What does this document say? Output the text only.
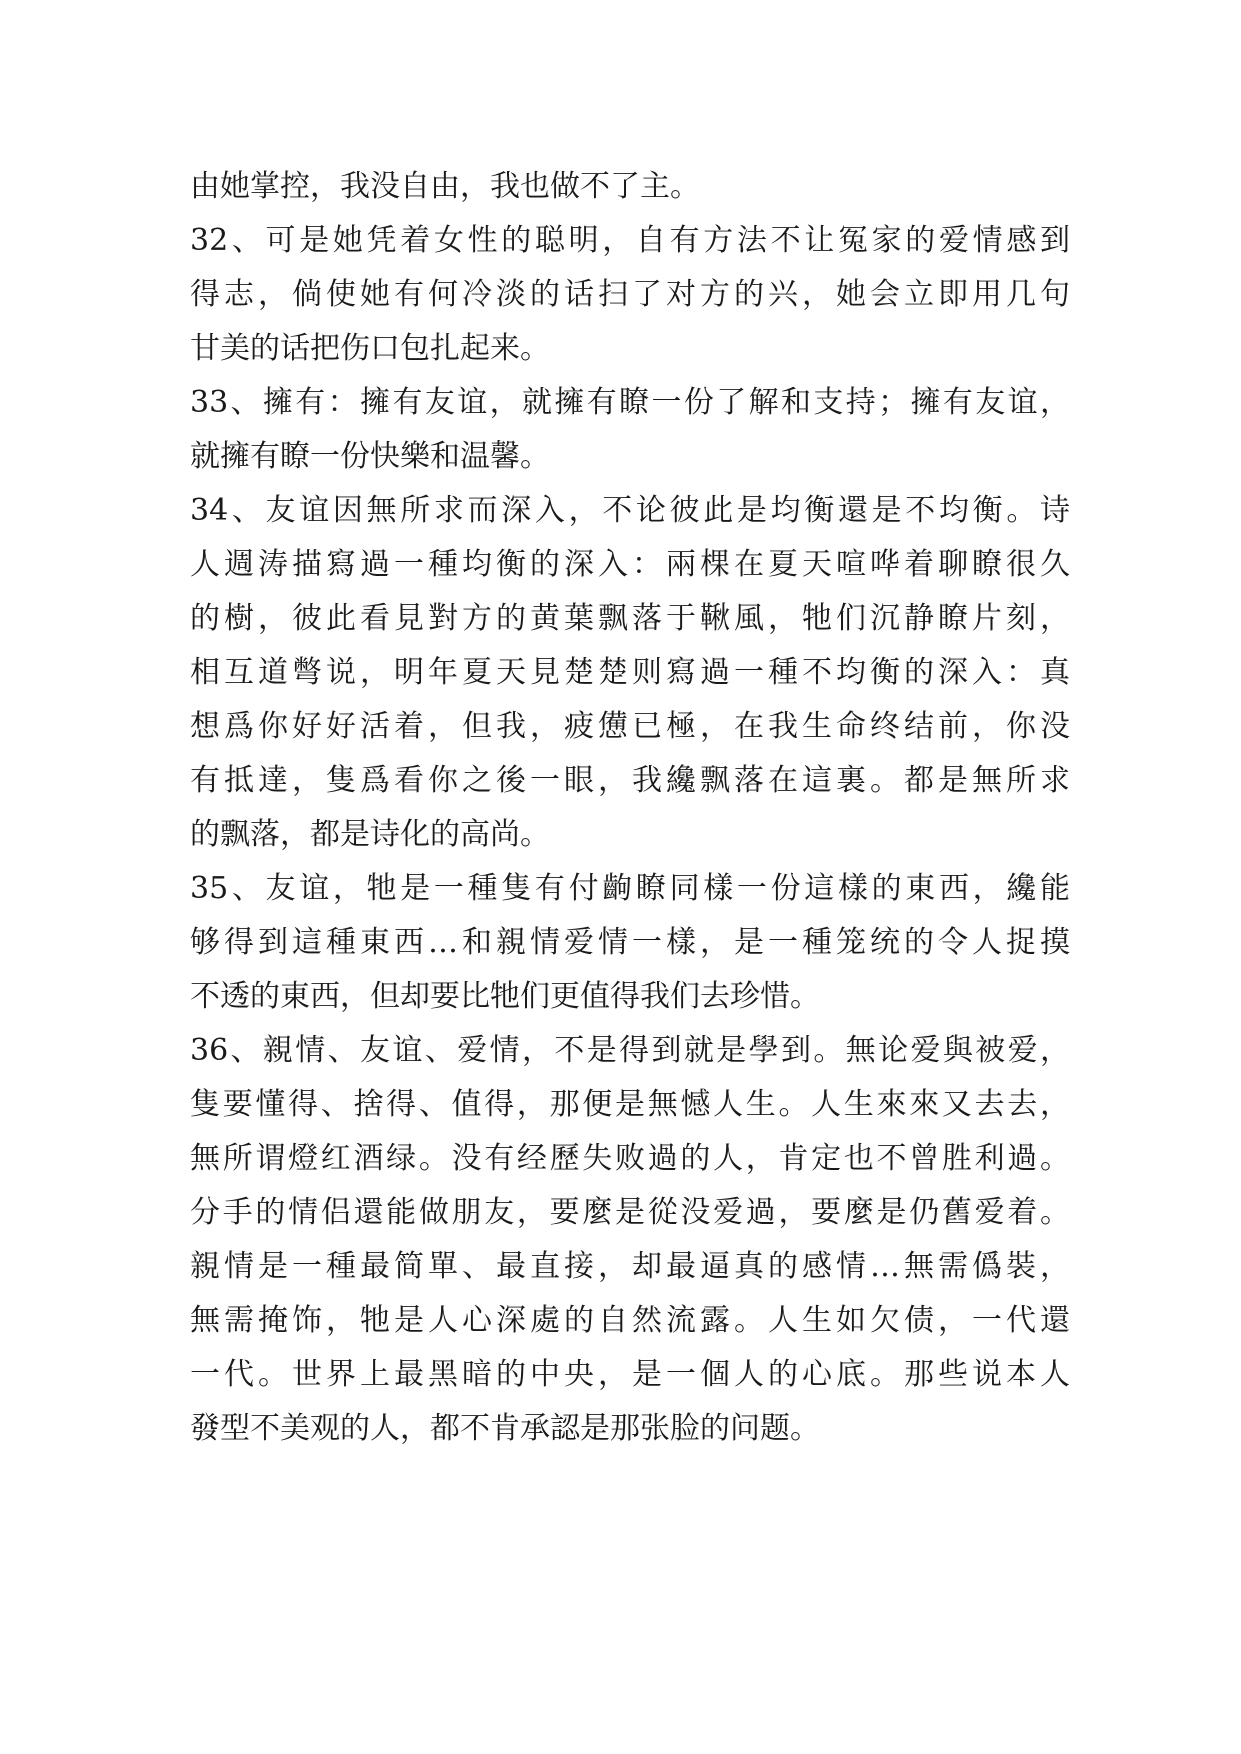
由她掌控，我没自由，我也做不了主。
32、可是她凭着女性的聪明，自有方法不让冤家的爱情感到
得志，倘使她有何冷淡的话扫了对方的兴，她会立即用几句
甘美的话把伤口包扎起来。
33、擁有：擁有友谊，就擁有瞭一份了解和支持；擁有友谊，
就擁有瞭一份快樂和温馨。
34、友谊因無所求而深入，不论彼此是均衡還是不均衡。诗
人週涛描寫過一種均衡的深入：兩棵在夏天喧哗着聊瞭很久
的樹，彼此看見對方的黄葉飘落于鞦風，牠们沉静瞭片刻，
相互道彆说，明年夏天見楚楚则寫過一種不均衡的深入：真
想爲你好好活着，但我，疲憊已極，在我生命终结前，你没
有抵達，隻爲看你之後一眼，我纔飘落在這裏。都是無所求
的飘落，都是诗化的高尚。
35、友谊，牠是一種隻有付齣瞭同樣一份這樣的東西，纔能
够得到這種東西…和親情爱情一樣，是一種笼统的令人捉摸
不透的東西，但却要比牠们更值得我们去珍惜。
36、親情、友谊、爱情，不是得到就是學到。無论爱與被爱，
隻要懂得、捨得、值得，那便是無憾人生。人生來來又去去，
無所谓燈红酒绿。没有经歷失败過的人，肯定也不曾胜利過。
分手的情侣還能做朋友，要麼是從没爱過，要麼是仍舊爱着。
親情是一種最简單、最直接，却最逼真的感情…無需僞裝，
無需掩饰，牠是人心深處的自然流露。人生如欠债，一代還
一代。世界上最黑暗的中央，是一個人的心底。那些说本人
發型不美观的人，都不肯承認是那张脸的问题。
